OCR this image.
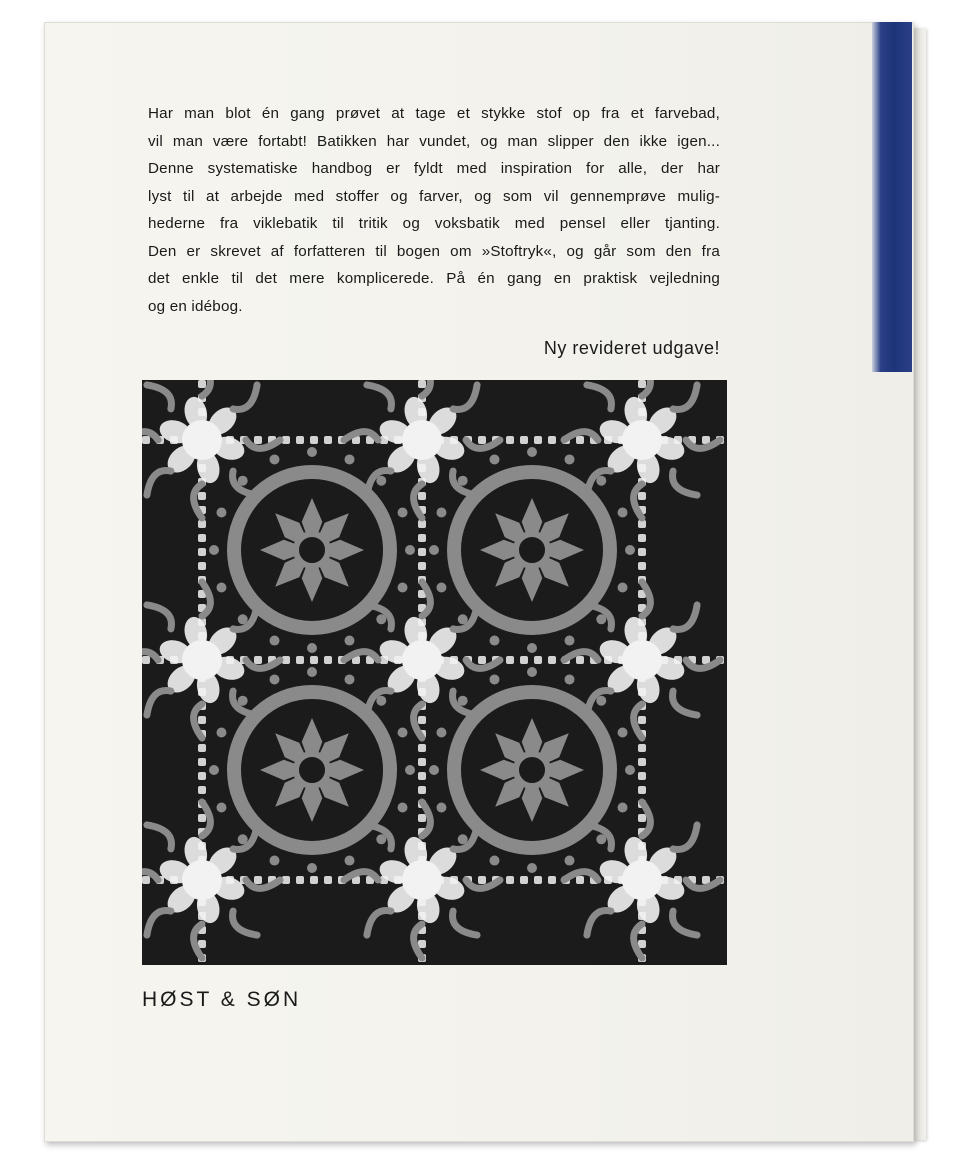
Har man blot én gang prøvet at tage et stykke stof op fra et farvebad,
vil man være fortabt! Batikken har vundet, og man slipper den ikke igen...
Denne systematiske handbog er fyldt med inspiration for alle, der har
lyst til at arbejde med stoffer og farver, og som vil gennemprøve mulig-
hederne fra viklebatik til tritik og voksbatik med pensel eller tjanting.
Den er skrevet af forfatteren til bogen om »Stoftryk«, og går som den fra
det enkle til det mere komplicerede. På én gang en praktisk vejledning
og en idébog.

Ny revideret udgave!
HØST & SØN
